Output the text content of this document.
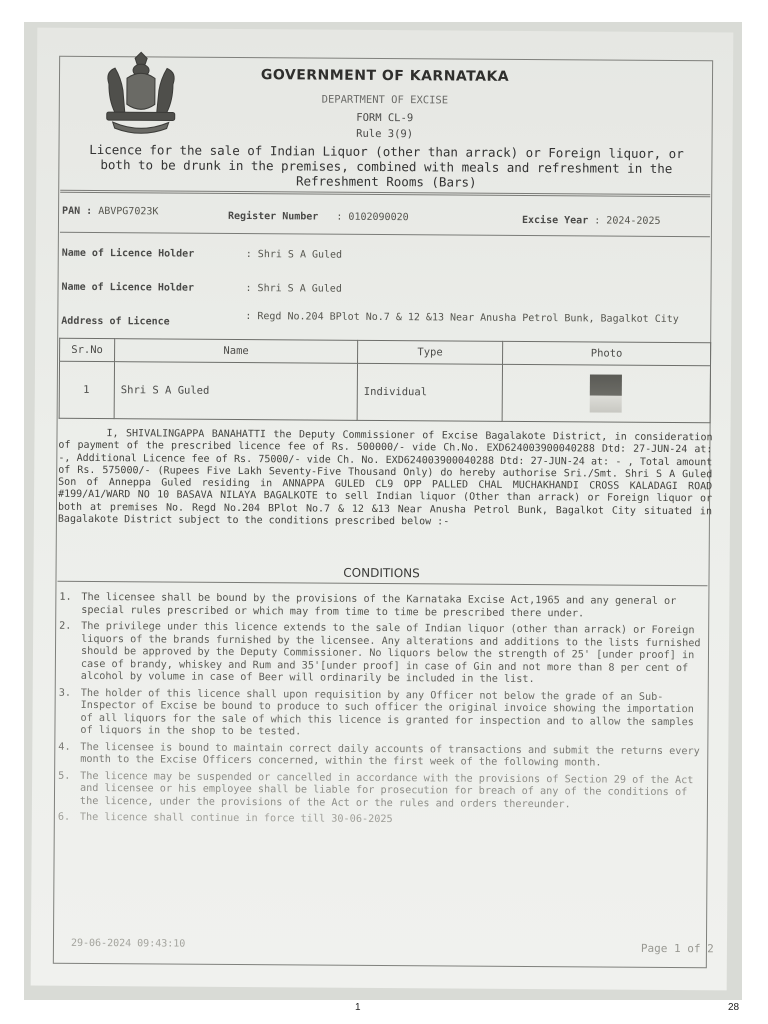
GOVERNMENT OF KARNATAKA
DEPARTMENT OF EXCISE
FORM CL-9
Rule 3(9)
Licence for the sale of Indian Liquor (other than arrack) or Foreign liquor, or both to be drunk in the premises, combined with meals and refreshment in the Refreshment Rooms (Bars)
PAN : ABVPG7023K	Register Number : 0102090020	Excise Year : 2024-2025
Name of Licence Holder	: Shri S A Guled
Name of Licence Holder	: Shri S A Guled
Address of Licence	: Regd No.204 BPlot No.7 & 12 &13 Near Anusha Petrol Bunk, Bagalkot City
Sr.No	Name	Type	Photo
1	Shri S A Guled	Individual	
I, SHIVALINGAPPA BANAHATTI the Deputy Commissioner of Excise Bagalakote District, in consideration of payment of the prescribed licence fee of Rs. 500000/- vide Ch.No. EXD624003900040288 Dtd: 27-JUN-24 at: -, Additional Licence fee of Rs. 75000/- vide Ch. No. EXD624003900040288 Dtd: 27-JUN-24 at: - , Total amount of Rs. 575000/- (Rupees Five Lakh Seventy-Five Thousand Only) do hereby authorise Sri./Smt. Shri S A Guled Son of Anneppa Guled residing in ANNAPPA GULED CL9 OPP PALLED CHAL MUCHAKHANDI CROSS KALADAGI ROAD #199/A1/WARD NO 10 BASAVA NILAYA BAGALKOTE to sell Indian liquor (Other than arrack) or Foreign liquor or both at premises No. Regd No.204 BPlot No.7 & 12 &13 Near Anusha Petrol Bunk, Bagalkot City situated in Bagalakote District subject to the conditions prescribed below :-
CONDITIONS
1. The licensee shall be bound by the provisions of the Karnataka Excise Act,1965 and any general or special rules prescribed or which may from time to time be prescribed there under.
2. The privilege under this licence extends to the sale of Indian liquor (other than arrack) or Foreign liquors of the brands furnished by the licensee. Any alterations and additions to the lists furnished should be approved by the Deputy Commissioner. No liquors below the strength of 25' [under proof] in case of brandy, whiskey and Rum and 35'[under proof] in case of Gin and not more than 8 per cent of alcohol by volume in case of Beer will ordinarily be included in the list.
3. The holder of this licence shall upon requisition by any Officer not below the grade of an Sub-Inspector of Excise be bound to produce to such officer the original invoice showing the importation of all liquors for the sale of which this licence is granted for inspection and to allow the samples of liquors in the shop to be tested.
4. The licensee is bound to maintain correct daily accounts of transactions and submit the returns every month to the Excise Officers concerned, within the first week of the following month.
5. The licence may be suspended or cancelled in accordance with the provisions of Section 29 of the Act and licensee or his employee shall be liable for prosecution for breach of any of the conditions of the licence, under the provisions of the Act or the rules and orders thereunder.
6. The licence shall continue in force till 30-06-2025
29-06-2024 09:43:10	Page 1 of 2
1	28
